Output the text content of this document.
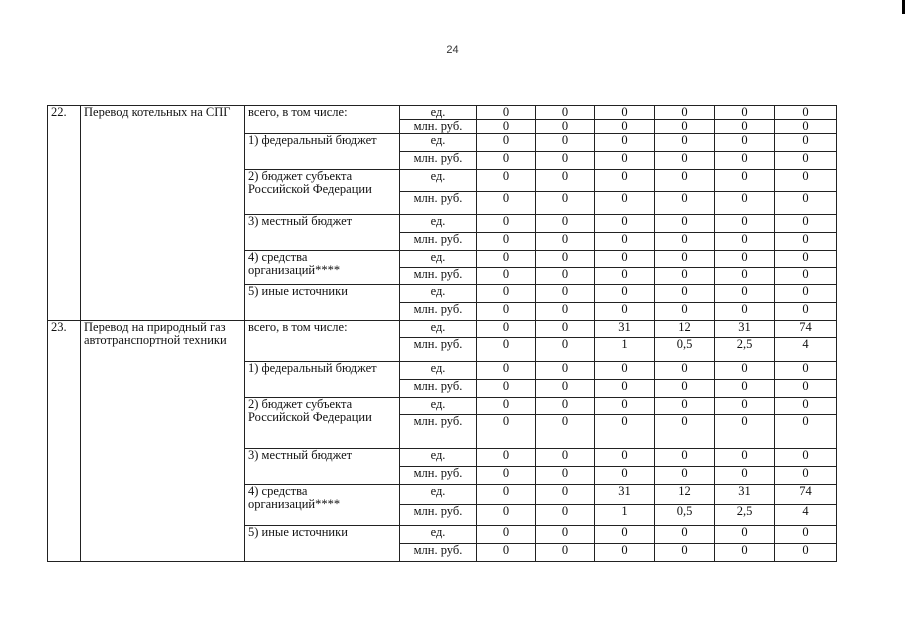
24
22.	Перевод котельных на СПГ	всего, в том числе:	ед.	0	0	0	0	0	0
			млн. руб.	0	0	0	0	0	0
		1) федеральный бюджет	ед.	0	0	0	0	0	0
			млн. руб.	0	0	0	0	0	0
		2) бюджет субъекта Российской Федерации	ед.	0	0	0	0	0	0
			млн. руб.	0	0	0	0	0	0
		3) местный бюджет	ед.	0	0	0	0	0	0
			млн. руб.	0	0	0	0	0	0
		4) средства организаций****	ед.	0	0	0	0	0	0
			млн. руб.	0	0	0	0	0	0
		5) иные источники	ед.	0	0	0	0	0	0
			млн. руб.	0	0	0	0	0	0
23.	Перевод на природный газ автотранспортной техники	всего, в том числе:	ед.	0	0	31	12	31	74
			млн. руб.	0	0	1	0,5	2,5	4
		1) федеральный бюджет	ед.	0	0	0	0	0	0
			млн. руб.	0	0	0	0	0	0
		2) бюджет субъекта Российской Федерации	ед.	0	0	0	0	0	0
			млн. руб.	0	0	0	0	0	0
		3) местный бюджет	ед.	0	0	0	0	0	0
			млн. руб.	0	0	0	0	0	0
		4) средства организаций****	ед.	0	0	31	12	31	74
			млн. руб.	0	0	1	0,5	2,5	4
		5) иные источники	ед.	0	0	0	0	0	0
			млн. руб.	0	0	0	0	0	0
